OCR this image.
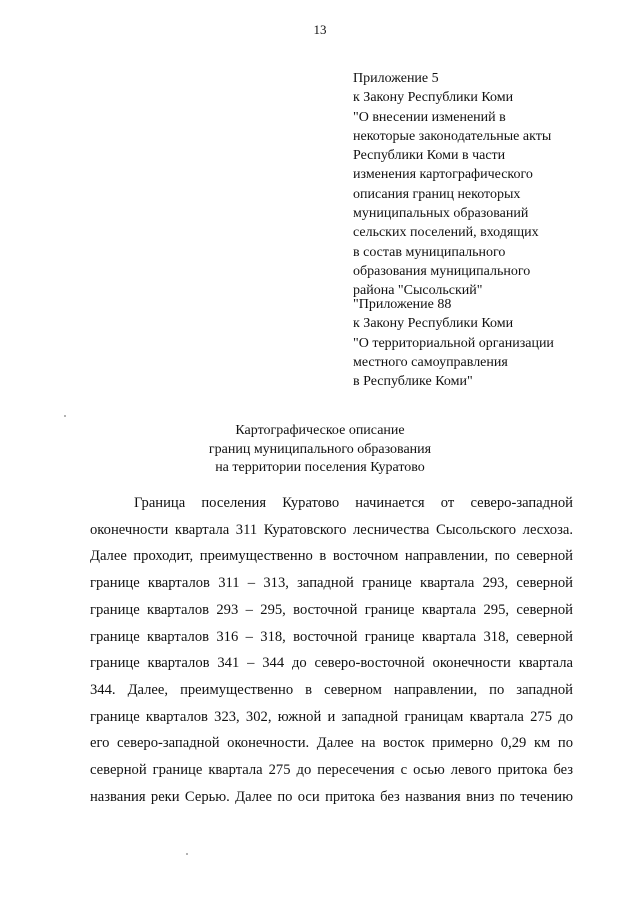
13
Приложение 5
к Закону Республики Коми
"О внесении изменений в
некоторые законодательные акты
Республики Коми в части
изменения картографического
описания границ некоторых
муниципальных образований
сельских поселений, входящих
в состав муниципального
образования муниципального
района "Сысольский"
"Приложение 88
к Закону Республики Коми
"О территориальной организации
местного самоуправления
в Республике Коми"
Картографическое описание
границ муниципального образования
на территории поселения Куратово
Граница поселения Куратово начинается от северо-западной
оконечности квартала 311 Куратовского лесничества Сысольского лесхоза.
Далее проходит, преимущественно в восточном направлении, по северной
границе кварталов 311 – 313, западной границе квартала 293, северной
границе кварталов 293 – 295, восточной границе квартала 295, северной
границе кварталов 316 – 318, восточной границе квартала 318, северной
границе кварталов 341 – 344 до северо-восточной оконечности квартала
344. Далее, преимущественно в северном направлении, по западной
границе кварталов 323, 302, южной и западной границам квартала 275 до
его северо-западной оконечности. Далее на восток примерно 0,29 км по
северной границе квартала 275 до пересечения с осью левого притока без
названия реки Серью. Далее по оси притока без названия вниз по течению
